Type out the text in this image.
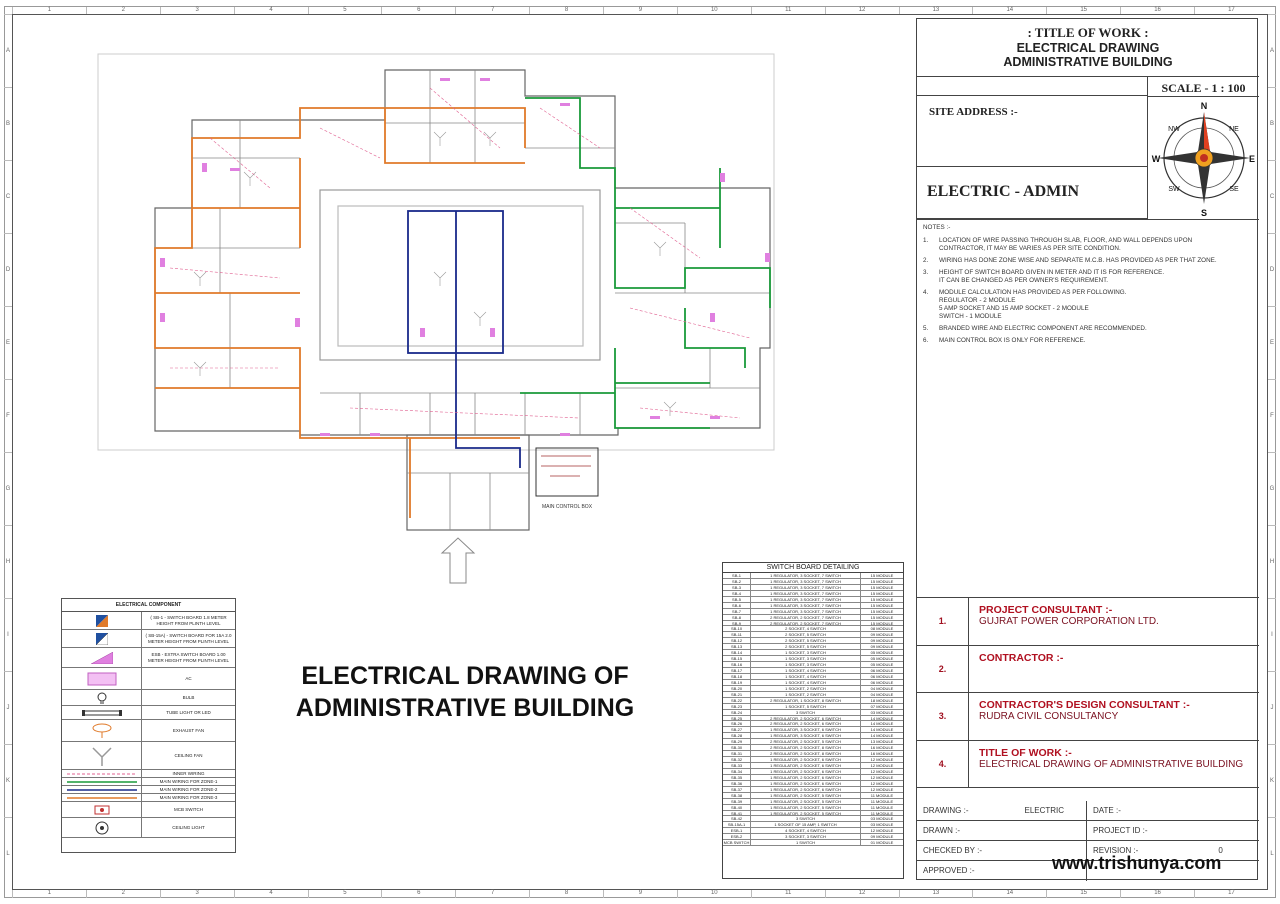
1	2	3	4	5	6	7	8	9	10	11	12	13	14	15	16	17
1	2	3	4	5	6	7	8	9	10	11	12	13	14	15	16	17
A
B
C
D
E
F
G
H
I
J
K
L
A
B
C
D
E
F
G
H
I
J
K
L
MAIN CONTROL BOX
ELECTRICAL COMPONENT
( SB-1 - SWITCH BOARD 1.8 METER HEIGHT FROM PLINTH LEVEL
( SB-15A) - SWITCH BOARD FOR 15A 2.0 METER HEIGHT FROM PLINTH LEVEL
ESB - EXTRA SWITCH BOARD 1.00 METER HEIGHT FROM PLINTH LEVEL
AC
BULB
TUBE LIGHT OR LED
EXHAUST FAN
CEILING FAN
INNER WIRING
MAIN WIRING FOR ZONE-1
MAIN WIRING FOR ZONE-2
MAIN WIRING FOR ZONE-3
MCB SWITCH
CEILING LIGHT
ELECTRICAL DRAWING OF
ADMINISTRATIVE BUILDING
SWITCH BOARD DETAILING
SB-1	1 REGULATOR, 3 SOCKET, 7 SWITCH	15 MODULE
SB-2	1 REGULATOR, 3 SOCKET, 7 SWITCH	15 MODULE
SB-3	1 REGULATOR, 3 SOCKET, 7 SWITCH	15 MODULE
SB-4	1 REGULATOR, 3 SOCKET, 7 SWITCH	15 MODULE
SB-5	1 REGULATOR, 3 SOCKET, 7 SWITCH	15 MODULE
SB-6	1 REGULATOR, 3 SOCKET, 7 SWITCH	15 MODULE
SB-7	1 REGULATOR, 3 SOCKET, 7 SWITCH	15 MODULE
SB-8	2 REGULATOR, 2 SOCKET, 7 SWITCH	15 MODULE
SB-9	2 REGULATOR, 2 SOCKET, 7 SWITCH	15 MODULE
SB-10	2 SOCKET, 4 SWITCH	08 MODULE
SB-11	2 SOCKET, 5 SWITCH	09 MODULE
SB-12	2 SOCKET, 5 SWITCH	09 MODULE
SB-13	2 SOCKET, 5 SWITCH	09 MODULE
SB-14	1 SOCKET, 3 SWITCH	05 MODULE
SB-15	1 SOCKET, 3 SWITCH	05 MODULE
SB-16	1 SOCKET, 3 SWITCH	05 MODULE
SB-17	1 SOCKET, 4 SWITCH	06 MODULE
SB-18	1 SOCKET, 4 SWITCH	06 MODULE
SB-19	1 SOCKET, 4 SWITCH	06 MODULE
SB-20	1 SOCKET, 2 SWITCH	04 MODULE
SB-21	1 SOCKET, 2 SWITCH	04 MODULE
SB-22	2 REGULATOR, 1 SOCKET, 8 SWITCH	18 MODULE
SB-23	1 SOCKET, 5 SWITCH	07 MODULE
SB-24	3 SWITCH	03 MODULE
SB-25	2 REGULATOR, 2 SOCKET, 6 SWITCH	14 MODULE
SB-26	2 REGULATOR, 2 SOCKET, 6 SWITCH	14 MODULE
SB-27	1 REGULATOR, 3 SOCKET, 6 SWITCH	14 MODULE
SB-28	1 REGULATOR, 3 SOCKET, 6 SWITCH	14 MODULE
SB-29	2 REGULATOR, 2 SOCKET, 5 SWITCH	13 MODULE
SB-30	2 REGULATOR, 2 SOCKET, 8 SWITCH	16 MODULE
SB-31	2 REGULATOR, 2 SOCKET, 8 SWITCH	16 MODULE
SB-32	1 REGULATOR, 2 SOCKET, 6 SWITCH	12 MODULE
SB-33	1 REGULATOR, 2 SOCKET, 6 SWITCH	12 MODULE
SB-34	1 REGULATOR, 2 SOCKET, 6 SWITCH	12 MODULE
SB-35	1 REGULATOR, 2 SOCKET, 6 SWITCH	12 MODULE
SB-36	1 REGULATOR, 2 SOCKET, 6 SWITCH	12 MODULE
SB-37	1 REGULATOR, 2 SOCKET, 6 SWITCH	12 MODULE
SB-38	1 REGULATOR, 2 SOCKET, 5 SWITCH	11 MODULE
SB-39	1 REGULATOR, 2 SOCKET, 5 SWITCH	11 MODULE
SB-40	1 REGULATOR, 2 SOCKET, 5 SWITCH	11 MODULE
SB-41	1 REGULATOR, 2 SOCKET, 5 SWITCH	11 MODULE
SB-42	3 SWITCH	03 MODULE
SB-15A-1	1 SOCKET OF 15 AMP, 1 SWITCH	03 MODULE
ESB-1	4 SOCKET, 4 SWITCH	12 MODULE
ESB-2	3 SOCKET, 3 SWITCH	09 MODULE
MCB SWITCH	1 SWITCH	01 MODULE
: TITLE OF WORK :
ELECTRICAL DRAWING
ADMINISTRATIVE BUILDING
SCALE - 1 : 100
SITE ADDRESS :-	N
S
E
W
NE
NW
SE
SW
ELECTRIC - ADMIN
NOTES :-
1.	LOCATION OF WIRE PASSING THROUGH SLAB, FLOOR, AND WALL DEPENDS UPON
CONTRACTOR, IT MAY BE VARIES AS PER SITE CONDITION.
2.	WIRING HAS DONE ZONE WISE AND SEPARATE M.C.B. HAS PROVIDED AS PER THAT ZONE.
3.	HEIGHT OF SWITCH BOARD GIVEN IN METER AND IT IS FOR REFERENCE.
IT CAN BE CHANGED AS PER OWNER'S REQUIREMENT.
4.	MODULE CALCULATION HAS PROVIDED AS PER FOLLOWING.
REGULATOR - 2 MODULE
5 AMP SOCKET AND 15 AMP SOCKET - 2 MODULE
SWITCH - 1 MODULE
5.	BRANDED WIRE AND ELECTRIC COMPONENT ARE RECOMMENDED.
6.	MAIN CONTROL BOX IS ONLY FOR REFERENCE.
1.
PROJECT CONSULTANT :-
GUJRAT POWER CORPORATION LTD.
2.
CONTRACTOR :-
3.
CONTRACTOR'S DESIGN CONSULTANT :-
RUDRA CIVIL CONSULTANCY
4.
TITLE OF WORK :-
ELECTRICAL DRAWING OF ADMINISTRATIVE BUILDING
DRAWING :-	ELECTRIC	DATE :-
DRAWN :-	PROJECT ID :-
CHECKED BY :-	REVISION :-	0
APPROVED :-	www.trishunya.com
